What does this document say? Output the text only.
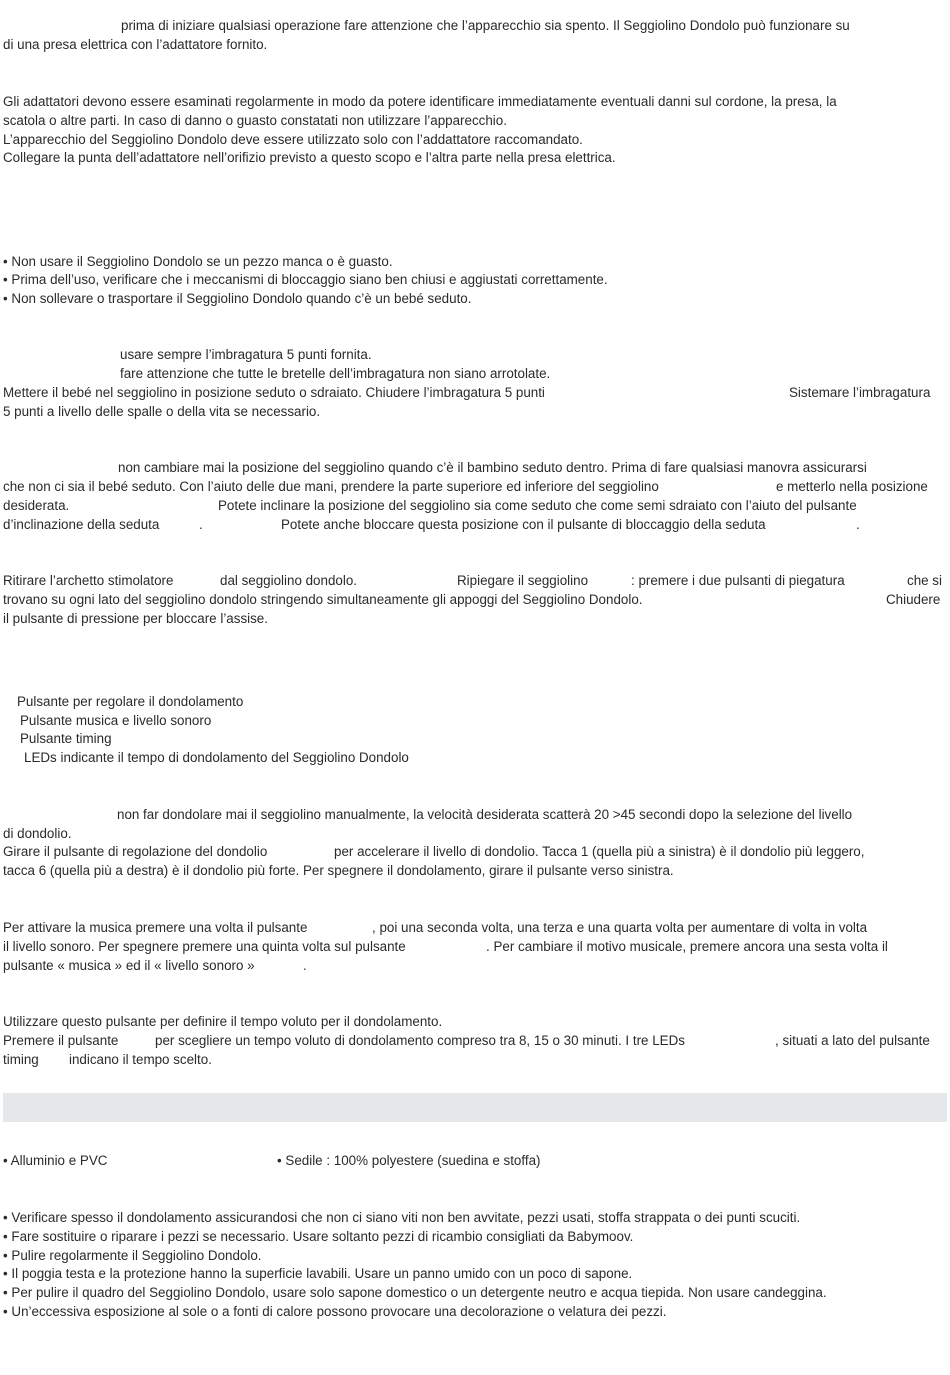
prima di iniziare qualsiasi operazione fare attenzione che l’apparecchio sia spento. Il Seggiolino Dondolo può funzionare su
di una presa elettrica con l’adattatore fornito.
Gli adattatori devono essere esaminati regolarmente in modo da potere identificare immediatamente eventuali danni sul cordone, la presa, la
scatola o altre parti. In caso di danno o guasto constatati non utilizzare l’apparecchio.
L’apparecchio del Seggiolino Dondolo deve essere utilizzato solo con l’addattatore raccomandato.
Collegare la punta dell’adattatore nell’orifizio previsto a questo scopo e l’altra parte nella presa elettrica.
• Non usare il Seggiolino Dondolo se un pezzo manca o è guasto.
• Prima dell’uso, verificare che i meccanismi di bloccaggio siano ben chiusi e aggiustati correttamente.
• Non sollevare o trasportare il Seggiolino Dondolo quando c’è un bebé seduto.
usare sempre l’imbragatura 5 punti fornita.
fare attenzione che tutte le bretelle dell’imbragatura non siano arrotolate.
Mettere il bebé nel seggiolino in posizione seduto o sdraiato. Chiudere l’imbragatura 5 punti	Sistemare l’imbragatura
5 punti a livello delle spalle o della vita se necessario.
non cambiare mai la posizione del seggiolino quando c’è il bambino seduto dentro. Prima di fare qualsiasi manovra assicurarsi
che non ci sia il bebé seduto. Con l’aiuto delle due mani, prendere la parte superiore ed inferiore del seggiolino	e metterlo nella posizione
desiderata.	Potete inclinare la posizione del seggiolino sia come seduto che come semi sdraiato con l’aiuto del pulsante
d’inclinazione della seduta	.	Potete anche bloccare questa posizione con il pulsante di bloccaggio della seduta	.
Ritirare l’archetto stimolatore	dal seggiolino dondolo.	Ripiegare il seggiolino	: premere i due pulsanti di piegatura	che si
trovano su ogni lato del seggiolino dondolo stringendo simultaneamente gli appoggi del Seggiolino Dondolo.	Chiudere
il pulsante di pressione per bloccare l’assise.
Pulsante per regolare il dondolamento
Pulsante musica e livello sonoro
Pulsante timing
LEDs indicante il tempo di dondolamento del Seggiolino Dondolo
non far dondolare mai il seggiolino manualmente, la velocità desiderata scatterà 20 >45 secondi dopo la selezione del livello
di dondolio.
Girare il pulsante di regolazione del dondolio	per accelerare il livello di dondolio. Tacca 1 (quella più a sinistra) è il dondolio più leggero,
tacca 6 (quella più a destra) è il dondolio più forte. Per spegnere il dondolamento, girare il pulsante verso sinistra.
Per attivare la musica premere una volta il pulsante	, poi una seconda volta, una terza e una quarta volta per aumentare di volta in volta
il livello sonoro. Per spegnere premere una quinta volta sul pulsante	. Per cambiare il motivo musicale, premere ancora una sesta volta il
pulsante « musica » ed il « livello sonoro »	.
Utilizzare questo pulsante per definire il tempo voluto per il dondolamento.
Premere il pulsante	per scegliere un tempo voluto di dondolamento compreso tra 8, 15 o 30 minuti. I tre LEDs	, situati a lato del pulsante
timing indicano il tempo scelto.
• Alluminio e PVC	• Sedile : 100% polyestere (suedina e stoffa)
• Verificare spesso il dondolamento assicurandosi che non ci siano viti non ben avvitate, pezzi usati, stoffa strappata o dei punti scuciti.
• Fare sostituire o riparare i pezzi se necessario. Usare soltanto pezzi di ricambio consigliati da Babymoov.
• Pulire regolarmente il Seggiolino Dondolo.
• Il poggia testa e la protezione hanno la superficie lavabili. Usare un panno umido con un poco di sapone.
• Per pulire il quadro del Seggiolino Dondolo, usare solo sapone domestico o un detergente neutro e acqua tiepida. Non usare candeggina.
• Un’eccessiva esposizione al sole o a fonti di calore possono provocare una decolorazione o velatura dei pezzi.
